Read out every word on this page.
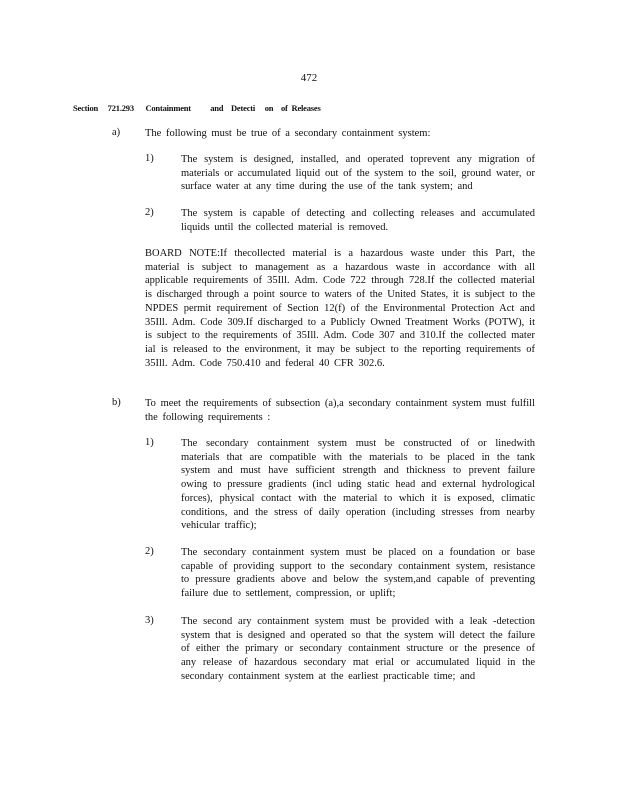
472
Section     721.293      Containment          and    Detecti     on    of  Releases
a) The following must be true of a secondary containment system:
1)	The system is designed, installed, and operated toprevent any migration of materials or accumulated liquid out of the system to the soil, ground water, or surface water at any time during the use of the tank system; and
2)	The system is capable of detecting and collecting releases and accumulated liquids until the collected material is removed.
BOARD NOTE:If thecollected material is a hazardous waste under this Part, the material is subject to management as a hazardous waste in accordance with all applicable requirements of 35Ill. Adm. Code 722 through 728.If the collected material is discharged through a point source to waters of the United States, it is subject to the NPDES permit requirement of Section 12(f) of the Environmental Protection Act and 35Ill. Adm. Code 309.If discharged to a Publicly Owned Treatment Works (POTW), it is subject to the requirements of 35Ill. Adm. Code 307 and 310.If the collected mater ial is released to the environment, it may be subject to the reporting requirements of 35Ill. Adm. Code 750.410 and federal 40 CFR 302.6.
b) To meet the requirements of subsection (a),a secondary containment system must fulfill the following requirements :
1)	The secondary containment system must be constructed of or linedwith materials that are compatible with the materials to be placed in the tank system and must have sufficient strength and thickness to prevent failure owing to pressure gradients (incl uding static head and external hydrological forces), physical contact with the material to which it is exposed, climatic conditions, and the stress of daily operation (including stresses from nearby vehicular traffic);
2)	The secondary containment system must be placed on a foundation or base capable of providing support to the secondary containment system, resistance to pressure gradients above and below the system,and capable of preventing failure due to settlement, compression, or uplift;
3)	The second ary containment system must be provided with a leak -detection system that is designed and operated so that the system will detect the failure of either the primary or secondary containment structure or the presence of any release of hazardous secondary mat erial or accumulated liquid in the secondary containment system at the earliest practicable time; and
